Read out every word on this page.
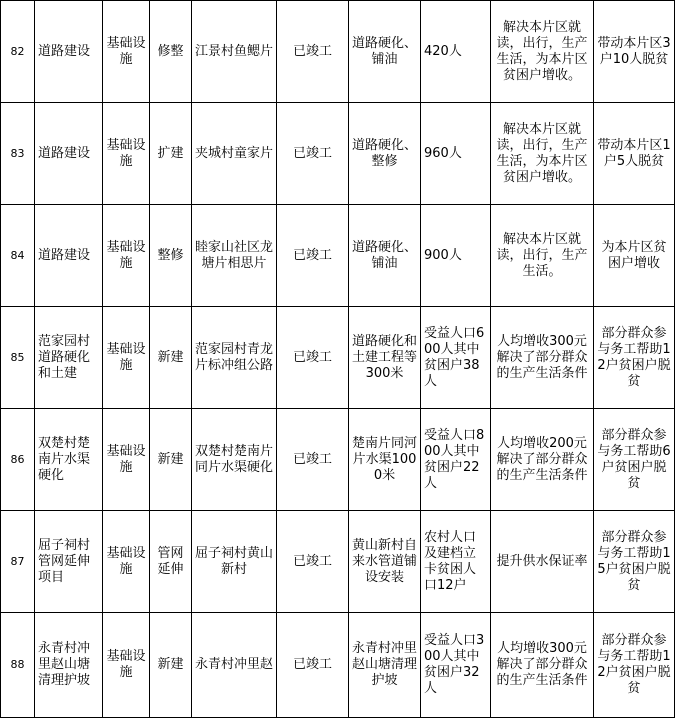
82	道路建设	基础设施	修整	江景村鱼鳃片	已竣工	道路硬化、铺油	420人	解决本片区就读，出行，生产生活，为本片区贫困户增收。	带动本片区3户10人脱贫
83	道路建设	基础设施	扩建	夹城村童家片	已竣工	道路硬化、整修	960人	解决本片区就读，出行，生产生活，为本片区贫困户增收。	带动本片区1户5人脱贫
84	道路建设	基础设施	整修	睦家山社区龙塘片相思片	已竣工	道路硬化、铺油	900人	解决本片区就读，出行，生产生活。	为本片区贫困户增收
85	范家园村道路硬化和土建	基础设施	新建	范家园村青龙片标冲组公路	已竣工	道路硬化和土建工程等300米	受益人口600人其中贫困户38人	人均增收300元解决了部分群众的生产生活条件	部分群众参与务工帮助12户贫困户脱贫
86	双楚村楚南片水渠硬化	基础设施	新建	双楚村楚南片同片水渠硬化	已竣工	楚南片同河片水渠1000米	受益人口800人其中贫困户22人	人均增收200元解决了部分群众的生产生活条件	部分群众参与务工帮助6户贫困户脱贫
87	屈子祠村管网延伸项目	基础设施	管网延伸	屈子祠村黄山新村	已竣工	黄山新村自来水管道铺设安装	农村人口及建档立卡贫困人口12户	提升供水保证率	部分群众参与务工帮助15户贫困户脱贫
88	永青村冲里赵山塘清理护坡	基础设施	新建	永青村冲里赵	已竣工	永青村冲里赵山塘清理护坡	受益人口300人其中贫困户32人	人均增收300元解决了部分群众的生产生活条件	部分群众参与务工帮助12户贫困户脱贫
